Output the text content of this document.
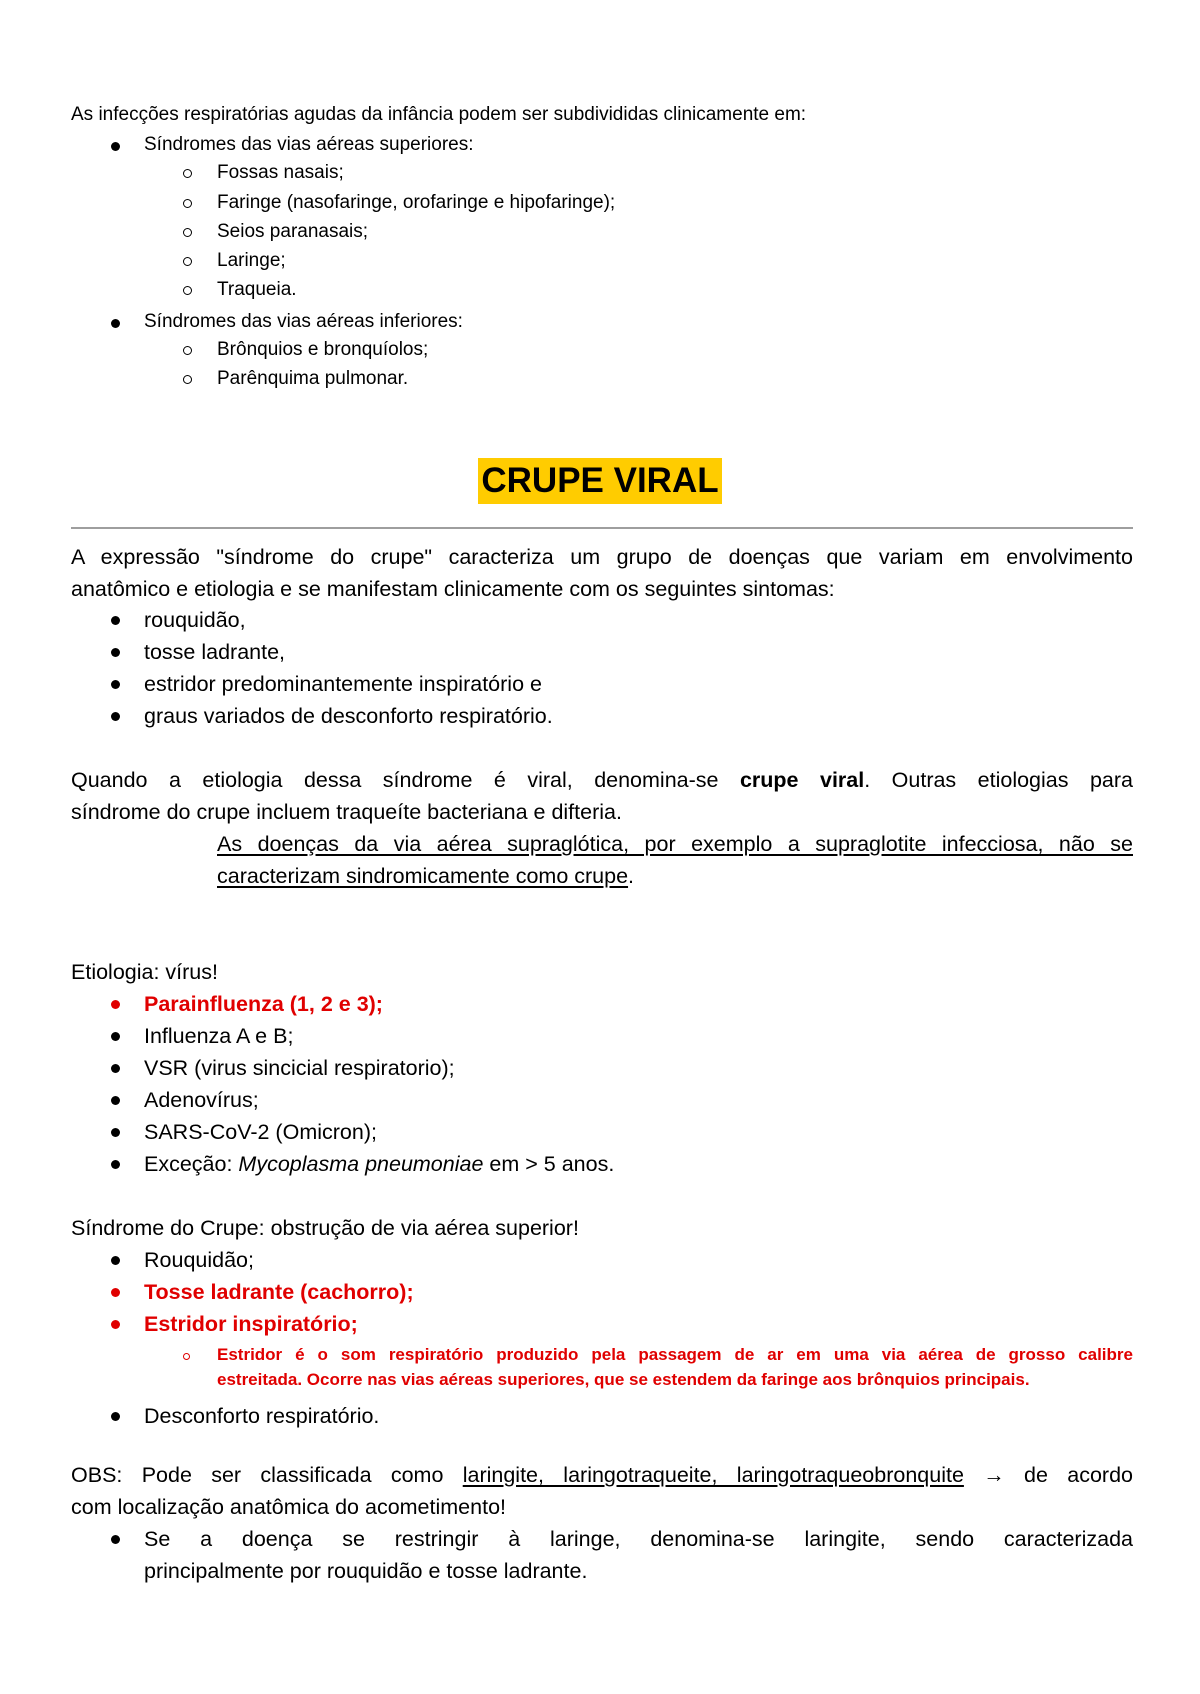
As infecções respiratórias agudas da infância podem ser subdivididas clinicamente em:
Síndromes das vias aéreas superiores:
Fossas nasais;
Faringe (nasofaringe, orofaringe e hipofaringe);
Seios paranasais;
Laringe;
Traqueia.
Síndromes das vias aéreas inferiores:
Brônquios e bronquíolos;
Parênquima pulmonar.
CRUPE VIRAL
A expressão "síndrome do crupe" caracteriza um grupo de doenças que variam em envolvimento
anatômico e etiologia e se manifestam clinicamente com os seguintes sintomas:
rouquidão,
tosse ladrante,
estridor predominantemente inspiratório e
graus variados de desconforto respiratório.
Quando a etiologia dessa síndrome é viral, denomina-se crupe viral. Outras etiologias para
síndrome do crupe incluem traqueíte bacteriana e difteria.
As doenças da via aérea supraglótica, por exemplo a supraglotite infecciosa, não se
caracterizam sindromicamente como crupe.
Etiologia: vírus!
Parainfluenza (1, 2 e 3);
Influenza A e B;
VSR (virus sincicial respiratorio);
Adenovírus;
SARS-CoV-2 (Omicron);
Exceção: Mycoplasma pneumoniae em > 5 anos.
Síndrome do Crupe: obstrução de via aérea superior!
Rouquidão;
Tosse ladrante (cachorro);
Estridor inspiratório;
Estridor é o som respiratório produzido pela passagem de ar em uma via aérea de grosso calibre
estreitada. Ocorre nas vias aéreas superiores, que se estendem da faringe aos brônquios principais.
Desconforto respiratório.
OBS: Pode ser classificada como laringite, laringotraqueite, laringotraqueobronquite → de acordo
com localização anatômica do acometimento!
Se a doença se restringir à laringe, denomina-se laringite, sendo caracterizada
principalmente por rouquidão e tosse ladrante.
